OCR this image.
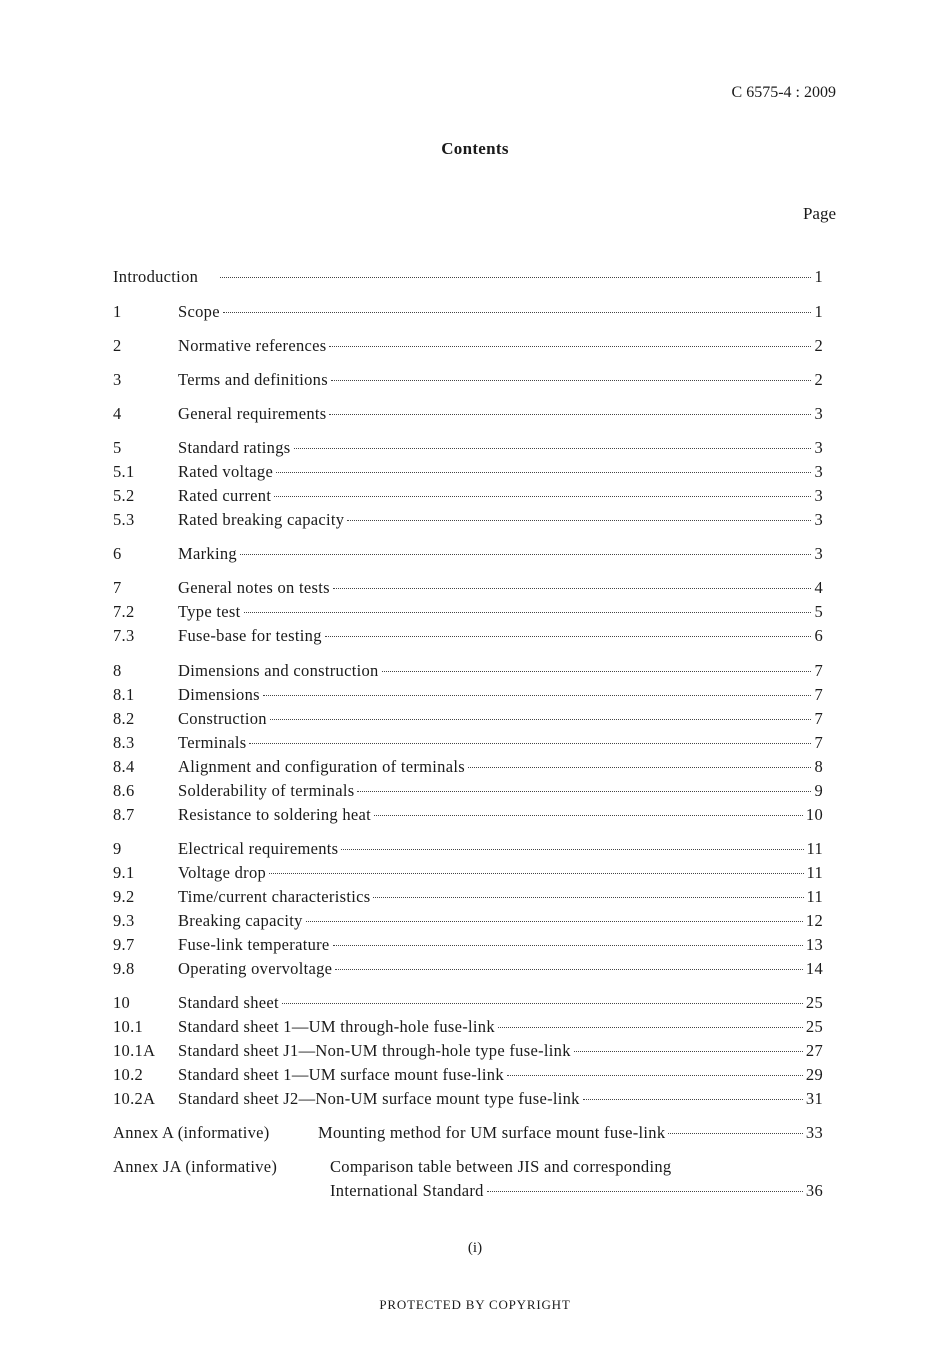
C 6575-4 : 2009
Contents
Page
Introduction	1
1	Scope	1
2	Normative references	2
3	Terms and definitions	2
4	General requirements	3
5	Standard ratings	3
5.1	Rated voltage	3
5.2	Rated current	3
5.3	Rated breaking capacity	3
6	Marking	3
7	General notes on tests	4
7.2	Type test	5
7.3	Fuse-base for testing	6
8	Dimensions and construction	7
8.1	Dimensions	7
8.2	Construction	7
8.3	Terminals	7
8.4	Alignment and configuration of terminals	8
8.6	Solderability of terminals	9
8.7	Resistance to soldering heat	10
9	Electrical requirements	11
9.1	Voltage drop	11
9.2	Time/current characteristics	11
9.3	Breaking capacity	12
9.7	Fuse-link temperature	13
9.8	Operating overvoltage	14
10	Standard sheet	25
10.1 Standard sheet 1—UM through-hole fuse-link	25
10.1A Standard sheet J1—Non-UM through-hole type fuse-link	27
10.2 Standard sheet 1—UM surface mount fuse-link	29
10.2A Standard sheet J2—Non-UM surface mount type fuse-link	31
Annex A (informative)	Mounting method for UM surface mount fuse-link	33
Annex JA (informative)	Comparison table between JIS and corresponding
International Standard	36
(i)
PROTECTED BY COPYRIGHT
